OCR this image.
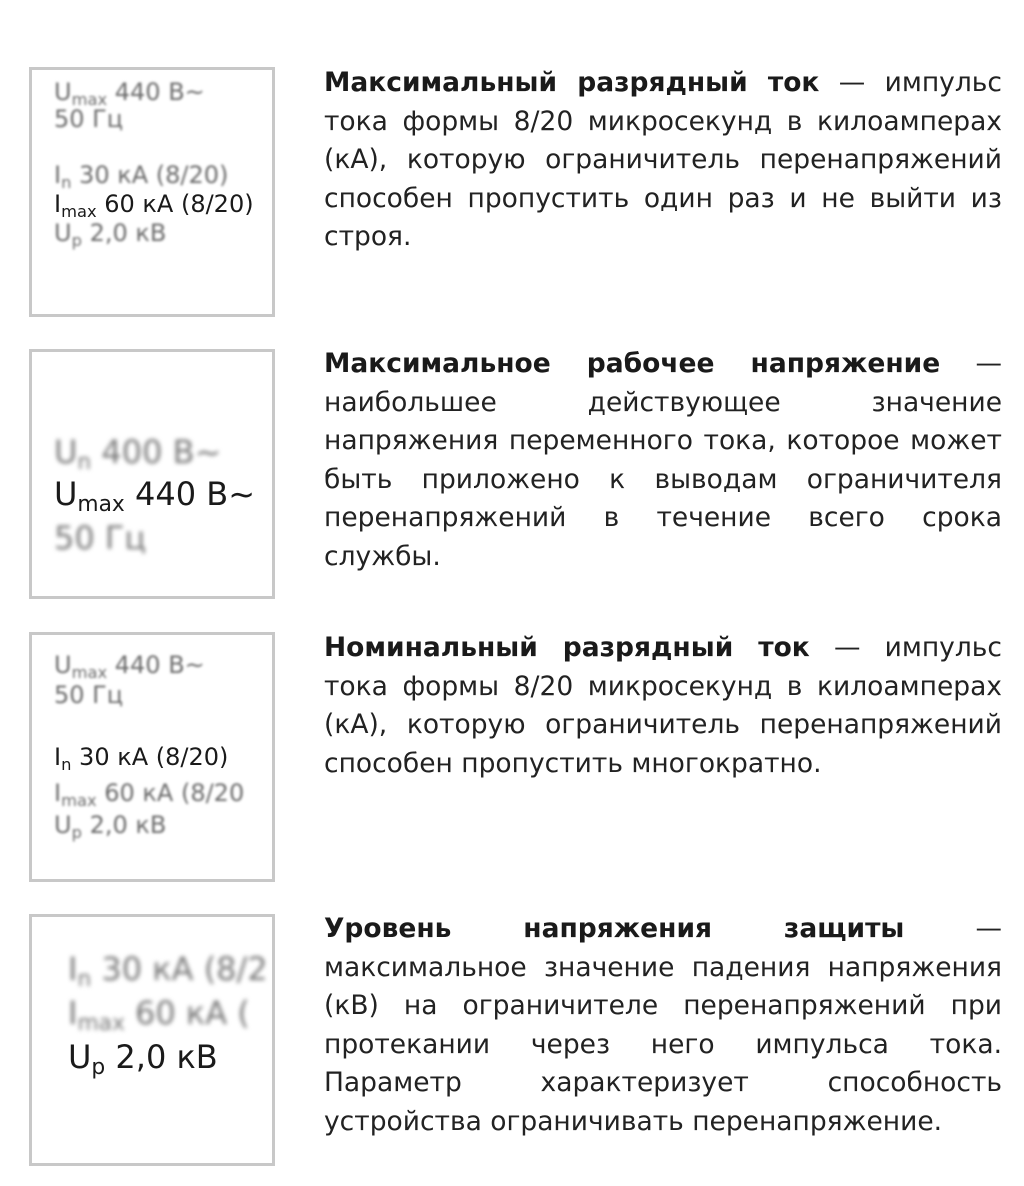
Umax 440 В~
50 Гц
In 30 кА (8/20)
Imax 60 кА (8/20)
Up 2,0 кВ

Максимальный разрядный ток — импульс тока формы 8/20 микросекунд в килоамперах (кА), которую ограничитель перенапряжений способен пропустить один раз и не выйти из строя.

Un 400 В~
Umax 440 В~
50 Гц

Максимальное рабочее напряжение — наибольшее действующее значение напряжения переменного тока, которое может быть приложено к выводам ограничителя перенапряжений в течение всего срока службы.

Umax 440 В~
50 Гц
In 30 кА (8/20)
Imax 60 кА (8/20
Up 2,0 кВ

Номинальный разрядный ток — импульс тока формы 8/20 микросекунд в килоамперах (кА), которую ограничитель перенапряжений способен пропустить многократно.

In 30 кА (8/2
Imax 60 кА (
Up 2,0 кВ

Уровень напряжения защиты — максимальное значение падения напряжения (кВ) на ограничителе перенапряжений при протекании через него импульса тока. Параметр характеризует способность устройства ограничивать перенапряжение.
